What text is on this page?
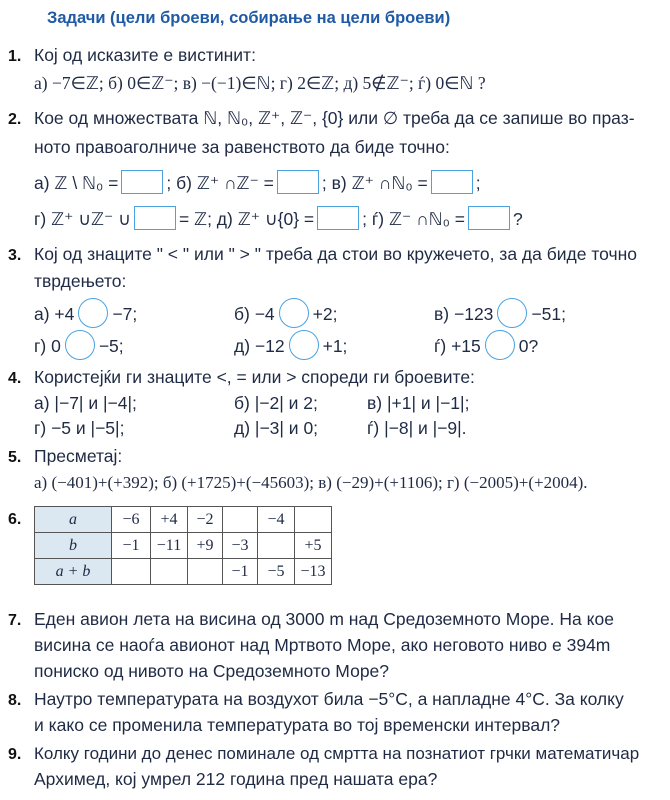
Задачи (цели броеви, собирање на цели броеви)
1. Кој од исказите е вистинит:
а) −7∈ℤ; б) 0∈ℤ⁻; в) −(−1)∈ℕ; г) 2∈ℤ; д) 5∉ℤ⁻; ѓ) 0∈ℕ ?
2. Кое од множествата ℕ, ℕ₀, ℤ⁺, ℤ⁻, {0} или ∅ треба да се запише во праз-
ното правоаголниче за равенството да биде точно:
а) ℤ \ ℕ₀ =	; б) ℤ⁺ ∩ℤ⁻ =	; в) ℤ⁺ ∩ℕ₀ =	;
г) ℤ⁺ ∪ℤ⁻ ∪	= ℤ; д) ℤ⁺ ∪{0} =	; ѓ) ℤ⁻ ∩ℕ₀ =	?
3. Кој од знаците " < " или " > " треба да стои во кружечето, за да биде точно
тврдењето:
а) +4 −7;	б) −4 +2;	в) −123 −51;
г) 0 −5;	д) −12 +1;	ѓ) +15 0?
4. Користејќи ги знаците <, = или > спореди ги броевите:
а) |−7| и |−4|;	б) |−2| и 2;	в) |+1| и |−1|;
г) −5 и |−5|;	д) |−3| и 0;	ѓ) |−8| и |−9|.
5. Пресметај:
а) (−401)+(+392); б) (+1725)+(−45603); в) (−29)+(+1106); г) (−2005)+(+2004).
6.	a	−6	+4	−2		−4	
b	−1	−11	+9	−3		+5
a + b				−1	−5	−13
7. Еден авион лета на висина од 3000 m над Средоземното Море. На кое
висина се наоѓа авионот над Мртвото Море, ако неговото ниво е 394m
пониско од нивото на Средоземното Море?
8. Наутро температурата на воздухот била −5°C, а напладне 4°C. За колку
и како се променила температурата во тој временски интервал?
9. Колку години до денес поминале од смртта на познатиот грчки математичар
Архимед, кој умрел 212 година пред нашата ера?
